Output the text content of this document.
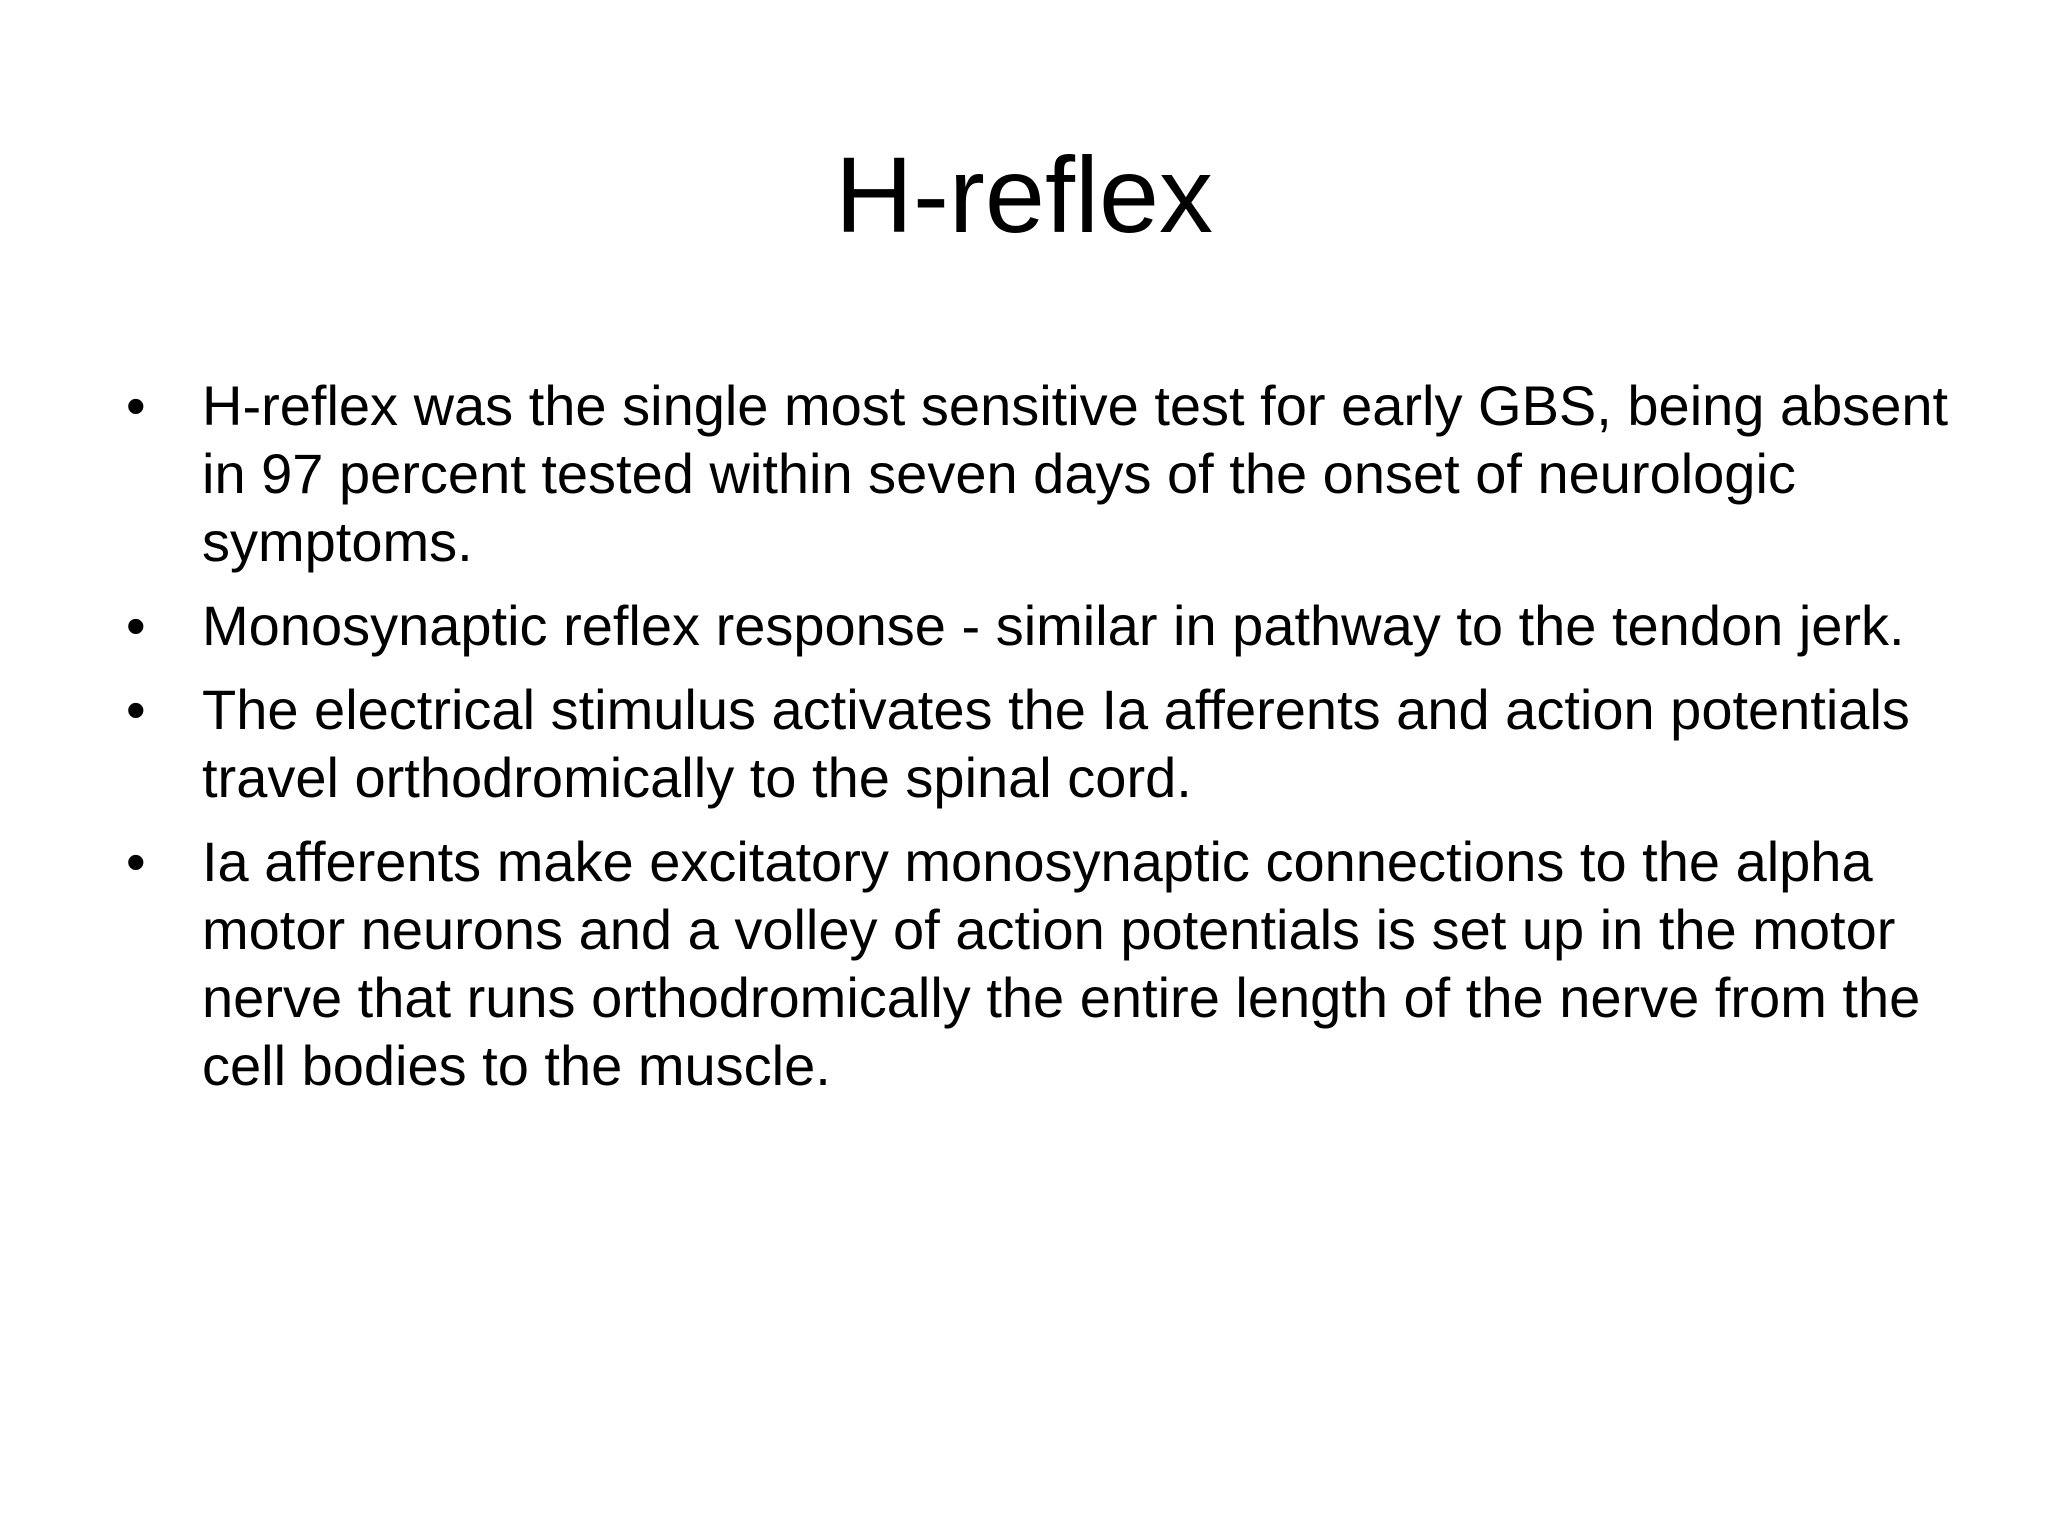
H-reflex
• H-reflex was the single most sensitive test for early GBS, being absent in 97 percent tested within seven days of the onset of neurologic symptoms.
• Monosynaptic reflex response - similar in pathway to the tendon jerk.
• The electrical stimulus activates the Ia afferents and action potentials travel orthodromically to the spinal cord.
• Ia afferents make excitatory monosynaptic connections to the alpha motor neurons and a volley of action potentials is set up in the motor nerve that runs orthodromically the entire length of the nerve from the cell bodies to the muscle.
